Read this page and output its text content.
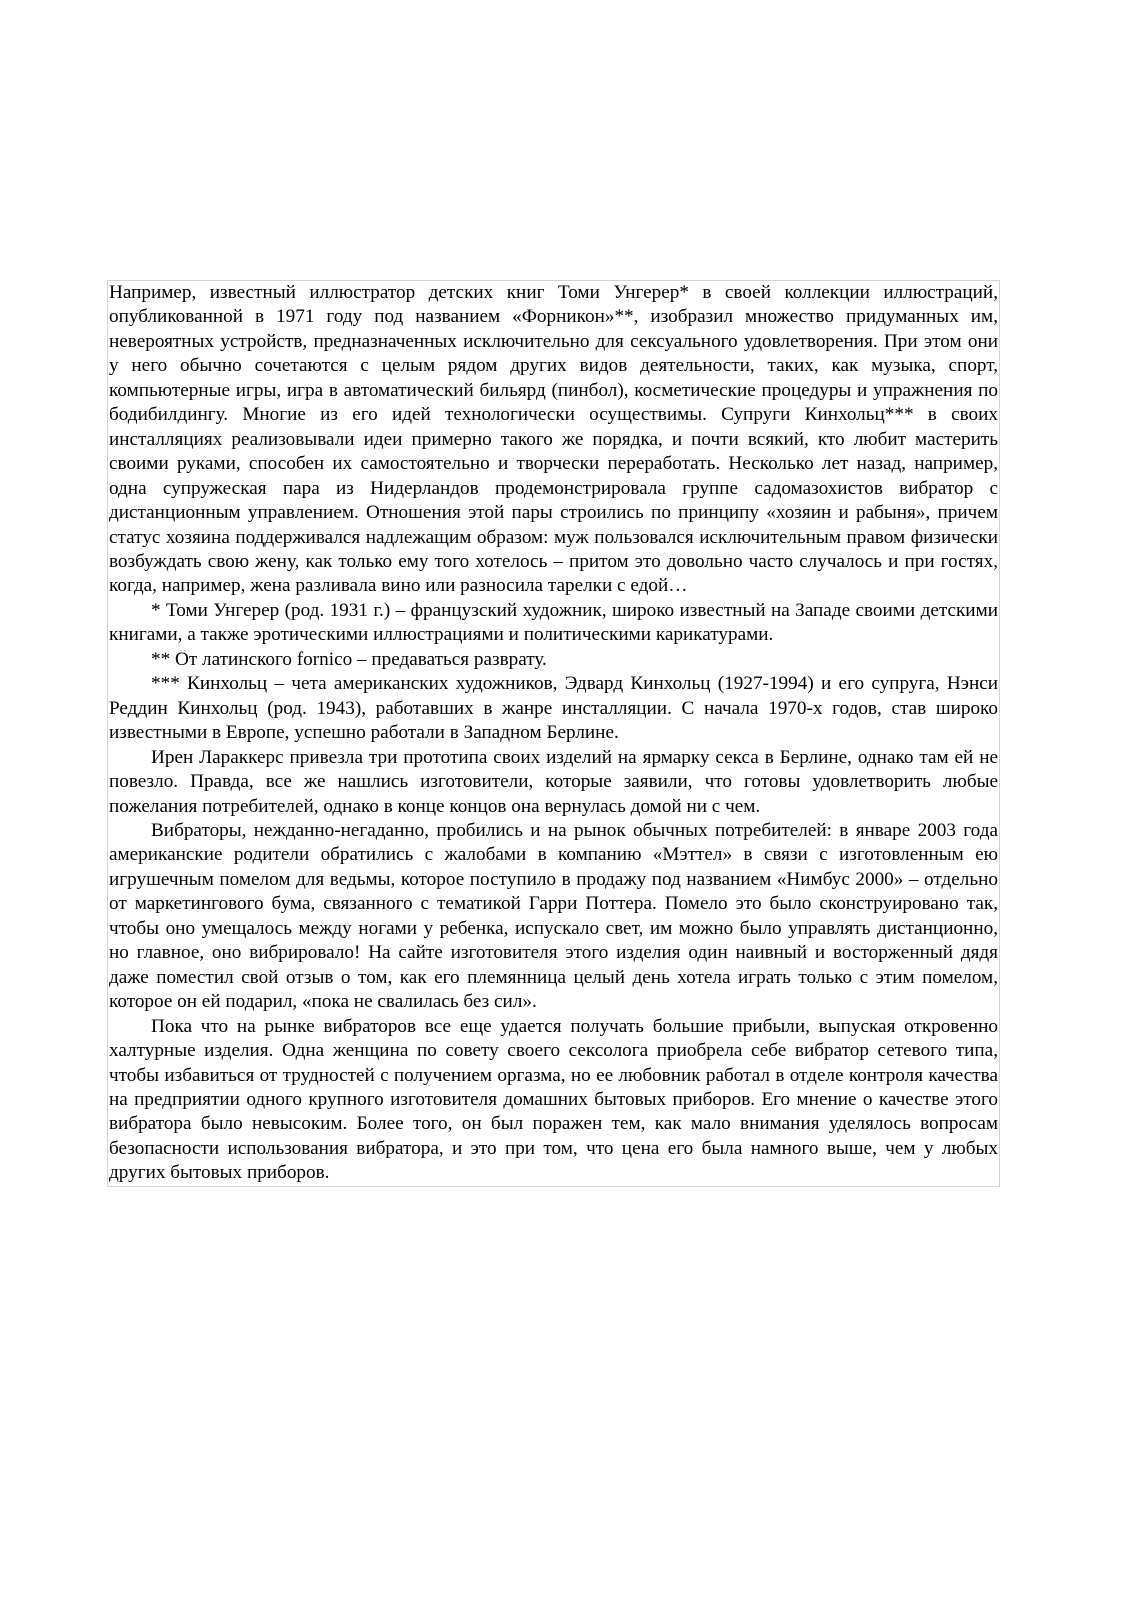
Например, известный иллюстратор детских книг Томи Унгерер* в своей коллекции иллюстраций, опубликованной в 1971 году под названием «Форникон»**, изобразил множество придуманных им, невероятных устройств, предназначенных исключительно для сексуального удовлетворения. При этом они у него обычно сочетаются с целым рядом других видов деятельности, таких, как музыка, спорт, компьютерные игры, игра в автоматический бильярд (пинбол), косметические процедуры и упражнения по бодибилдингу. Многие из его идей технологически осуществимы. Супруги Кинхольц*** в своих инсталляциях реализовывали идеи примерно такого же порядка, и почти всякий, кто любит мастерить своими руками, способен их самостоятельно и творчески переработать. Несколько лет назад, например, одна супружеская пара из Нидерландов продемонстрировала группе садомазохистов вибратор с дистанционным управлением. Отношения этой пары строились по принципу «хозяин и рабыня», причем статус хозяина поддерживался надлежащим образом: муж пользовался исключительным правом физически возбуждать свою жену, как только ему того хотелось – притом это довольно часто случалось и при гостях, когда, например, жена разливала вино или разносила тарелки с едой…

* Томи Унгерер (род. 1931 г.) – французский художник, широко известный на Западе своими детскими книгами, а также эротическими иллюстрациями и политическими карикатурами.

** От латинского fornico – предаваться разврату.

*** Кинхольц – чета американских художников, Эдвард Кинхольц (1927-1994) и его супруга, Нэнси Реддин Кинхольц (род. 1943), работавших в жанре инсталляции. С начала 1970-х годов, став широко известными в Европе, успешно работали в Западном Берлине.

Ирен Лараккерс привезла три прототипа своих изделий на ярмарку секса в Берлине, однако там ей не повезло. Правда, все же нашлись изготовители, которые заявили, что готовы удовлетворить любые пожелания потребителей, однако в конце концов она вернулась домой ни с чем.

Вибраторы, нежданно-негаданно, пробились и на рынок обычных потребителей: в январе 2003 года американские родители обратились с жалобами в компанию «Мэттел» в связи с изготовленным ею игрушечным помелом для ведьмы, которое поступило в продажу под названием «Нимбус 2000» – отдельно от маркетингового бума, связанного с тематикой Гарри Поттера. Помело это было сконструировано так, чтобы оно умещалось между ногами у ребенка, испускало свет, им можно было управлять дистанционно, но главное, оно вибрировало! На сайте изготовителя этого изделия один наивный и восторженный дядя даже поместил свой отзыв о том, как его племянница целый день хотела играть только с этим помелом, которое он ей подарил, «пока не свалилась без сил».

Пока что на рынке вибраторов все еще удается получать большие прибыли, выпуская откровенно халтурные изделия. Одна женщина по совету своего сексолога приобрела себе вибратор сетевого типа, чтобы избавиться от трудностей с получением оргазма, но ее любовник работал в отделе контроля качества на предприятии одного крупного изготовителя домашних бытовых приборов. Его мнение о качестве этого вибратора было невысоким. Более того, он был поражен тем, как мало внимания уделялось вопросам безопасности использования вибратора, и это при том, что цена его была намного выше, чем у любых других бытовых приборов.
